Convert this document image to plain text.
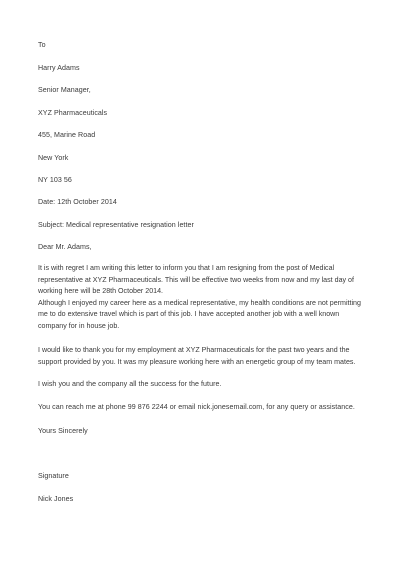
To
Harry Adams
Senior Manager,
XYZ Pharmaceuticals
455, Marine Road
New York
NY 103 56
Date: 12th October 2014
Subject: Medical representative resignation letter
Dear Mr. Adams,
It is with regret I am writing this letter to inform you that I am resigning from the post of Medical
representative at XYZ Pharmaceuticals. This will be effective two weeks from now and my last day of
working here will be 28th October 2014.
Although I enjoyed my career here as a medical representative, my health conditions are not permitting
me to do extensive travel which is part of this job. I have accepted another job with a well known
company for in house job.
I would like to thank you for my employment at XYZ Pharmaceuticals for the past two years and the
support provided by you. It was my pleasure working here with an energetic group of my team mates.
I wish you and the company all the success for the future.
You can reach me at phone 99 876 2244 or email nick.jonesemail.com, for any query or assistance.
Yours Sincerely
Signature
Nick Jones
